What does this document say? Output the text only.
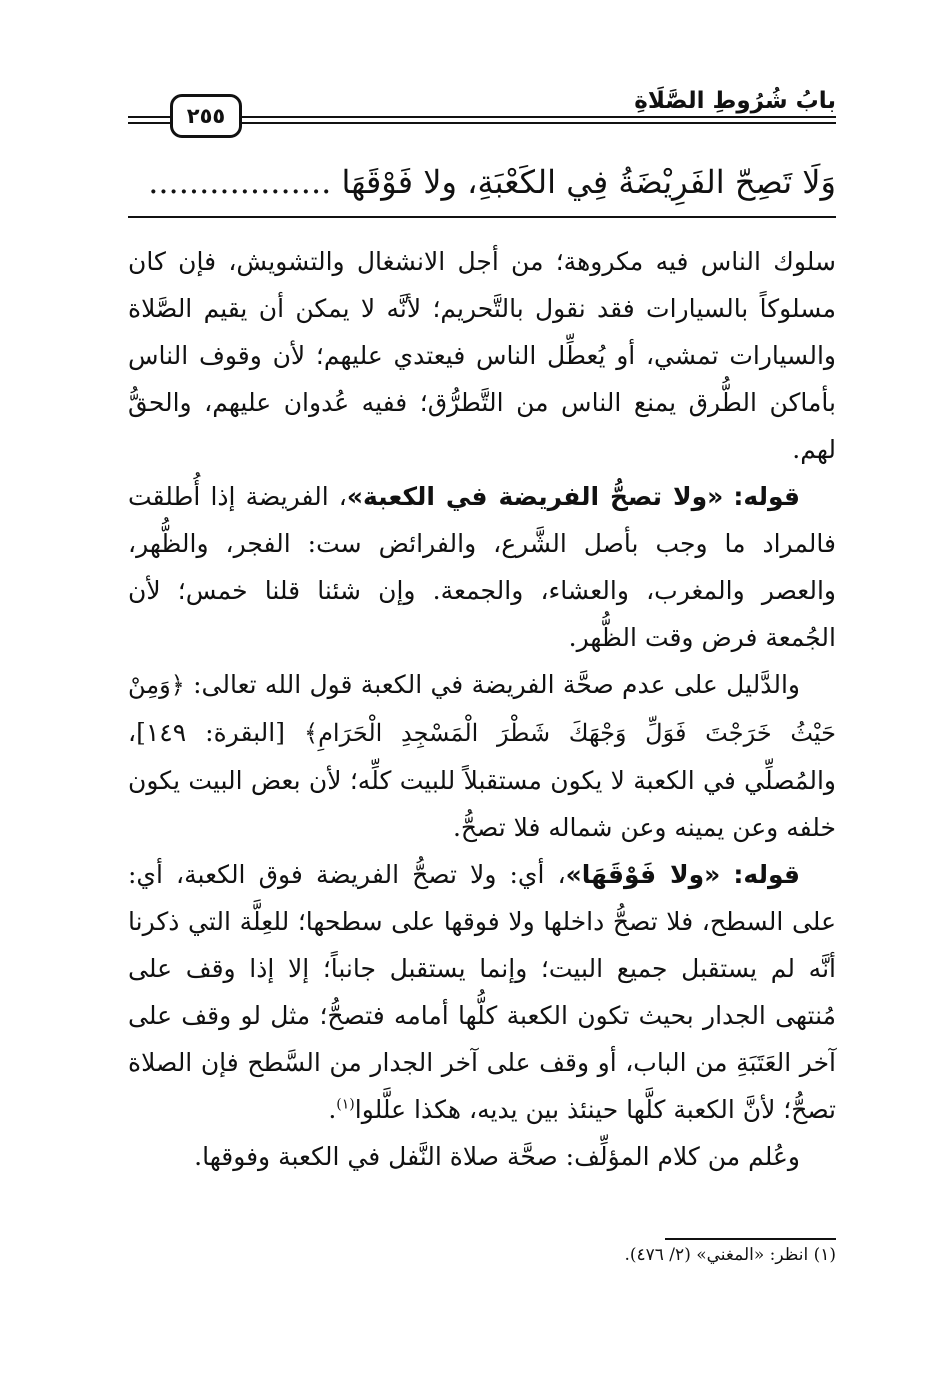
٢٥٥
بابُ شُرُوطِ الصَّلَاةِ
وَلَا تَصِحّ الفَرِيْضَةُ فِي الكَعْبَةِ، ولا فَوْقَهَا ..................

سلوك الناس فيه مكروهة؛ من أجل الانشغال والتشويش، فإن كان مسلوكاً بالسيارات فقد نقول بالتَّحريم؛ لأنَّه لا يمكن أن يقيم الصَّلاة والسيارات تمشي، أو يُعطِّل الناس فيعتدي عليهم؛ لأن وقوف الناس بأماكن الطُّرق يمنع الناس من التَّطرُّق؛ ففيه عُدوان عليهم، والحقُّ لهم.

قوله: «ولا تصحُّ الفريضة في الكعبة»، الفريضة إذا أُطلقت فالمراد ما وجب بأصل الشَّرع، والفرائض ست: الفجر، والظُّهر، والعصر والمغرب، والعشاء، والجمعة. وإن شئنا قلنا خمس؛ لأن الجُمعة فرض وقت الظُّهر.

والدَّليل على عدم صحَّة الفريضة في الكعبة قول الله تعالى: ﴿وَمِنْ حَيْثُ خَرَجْتَ فَوَلِّ وَجْهَكَ شَطْرَ الْمَسْجِدِ الْحَرَامِ﴾ [البقرة: ١٤٩]، والمُصلِّي في الكعبة لا يكون مستقبلاً للبيت كلِّه؛ لأن بعض البيت يكون خلفه وعن يمينه وعن شماله فلا تصحُّ.

قوله: «ولا فَوْقَهَا»، أي: ولا تصحُّ الفريضة فوق الكعبة، أي: على السطح، فلا تصحُّ داخلها ولا فوقها على سطحها؛ للعِلَّة التي ذكرنا أنَّه لم يستقبل جميع البيت؛ وإنما يستقبل جانباً؛ إلا إذا وقف على مُنتهى الجدار بحيث تكون الكعبة كلُّها أمامه فتصحُّ؛ مثل لو وقف على آخر العَتَبَةِ من الباب، أو وقف على آخر الجدار من السَّطح فإن الصلاة تصحُّ؛ لأنَّ الكعبة كلَّها حينئذ بين يديه، هكذا علَّلوا$^{(١)}$.

وعُلم من كلام المؤلِّف: صحَّة صلاة النَّفل في الكعبة وفوقها.

(١) انظر: «المغني» (٢/ ٤٧٦).
